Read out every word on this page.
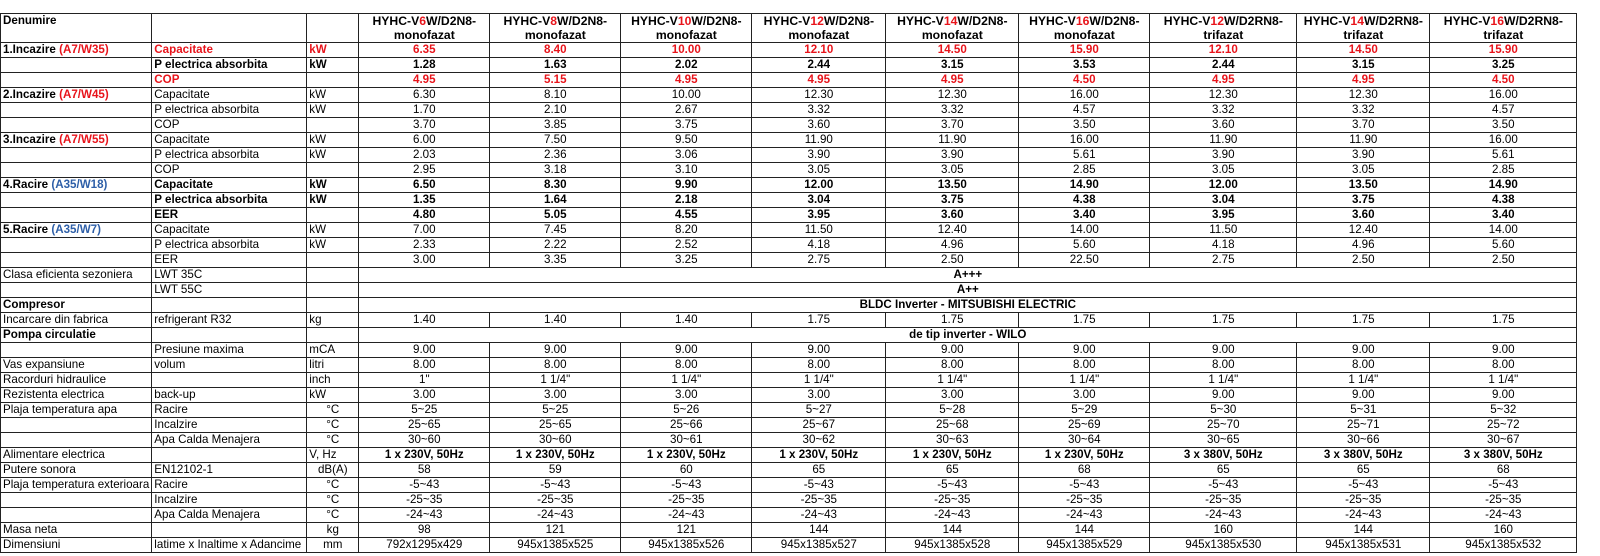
Denumire			HYHC-V6W/D2N8-	HYHC-V8W/D2N8-	HYHC-V10W/D2N8-	HYHC-V12W/D2N8-	HYHC-V14W/D2N8-	HYHC-V16W/D2N8-	HYHC-V12W/D2RN8-	HYHC-V14W/D2RN8-	HYHC-V16W/D2RN8-
			monofazat	monofazat	monofazat	monofazat	monofazat	monofazat	trifazat	trifazat	trifazat
1.Incazire (A7/W35)	Capacitate	kW	6.35	8.40	10.00	12.10	14.50	15.90	12.10	14.50	15.90
	P electrica absorbita	kW	1.28	1.63	2.02	2.44	3.15	3.53	2.44	3.15	3.25
	COP		4.95	5.15	4.95	4.95	4.95	4.50	4.95	4.95	4.50
2.Incazire (A7/W45)	Capacitate	kW	6.30	8.10	10.00	12.30	12.30	16.00	12.30	12.30	16.00
	P electrica absorbita	kW	1.70	2.10	2.67	3.32	3.32	4.57	3.32	3.32	4.57
	COP		3.70	3.85	3.75	3.60	3.70	3.50	3.60	3.70	3.50
3.Incazire (A7/W55)	Capacitate	kW	6.00	7.50	9.50	11.90	11.90	16.00	11.90	11.90	16.00
	P electrica absorbita	kW	2.03	2.36	3.06	3.90	3.90	5.61	3.90	3.90	5.61
	COP		2.95	3.18	3.10	3.05	3.05	2.85	3.05	3.05	2.85
4.Racire (A35/W18)	Capacitate	kW	6.50	8.30	9.90	12.00	13.50	14.90	12.00	13.50	14.90
	P electrica absorbita	kW	1.35	1.64	2.18	3.04	3.75	4.38	3.04	3.75	4.38
	EER		4.80	5.05	4.55	3.95	3.60	3.40	3.95	3.60	3.40
5.Racire (A35/W7)	Capacitate	kW	7.00	7.45	8.20	11.50	12.40	14.00	11.50	12.40	14.00
	P electrica absorbita	kW	2.33	2.22	2.52	4.18	4.96	5.60	4.18	4.96	5.60
	EER		3.00	3.35	3.25	2.75	2.50	22.50	2.75	2.50	2.50
Clasa eficienta sezoniera	LWT 35C		A+++								
	LWT 55C		A++								
Compresor			BLDC Inverter - MITSUBISHI ELECTRIC								
Incarcare din fabrica	refrigerant R32	kg	1.40	1.40	1.40	1.75	1.75	1.75	1.75	1.75	1.75
Pompa circulatie			de tip inverter - WILO								
	Presiune maxima	mCA	9.00	9.00	9.00	9.00	9.00	9.00	9.00	9.00	9.00
Vas expansiune	volum	litri	8.00	8.00	8.00	8.00	8.00	8.00	8.00	8.00	8.00
Racorduri hidraulice		inch	1"	1 1/4"	1 1/4"	1 1/4"	1 1/4"	1 1/4"	1 1/4"	1 1/4"	1 1/4"
Rezistenta electrica	back-up	kW	3.00	3.00	3.00	3.00	3.00	3.00	9.00	9.00	9.00
Plaja temperatura apa	Racire	°C	5~25	5~25	5~26	5~27	5~28	5~29	5~30	5~31	5~32
	Incalzire	°C	25~65	25~65	25~66	25~67	25~68	25~69	25~70	25~71	25~72
	Apa Calda Menajera	°C	30~60	30~60	30~61	30~62	30~63	30~64	30~65	30~66	30~67
Alimentare electrica		V, Hz	1 x 230V, 50Hz	1 x 230V, 50Hz	1 x 230V, 50Hz	1 x 230V, 50Hz	1 x 230V, 50Hz	1 x 230V, 50Hz	3 x 380V, 50Hz	3 x 380V, 50Hz	3 x 380V, 50Hz
Putere sonora	EN12102-1	dB(A)	58	59	60	65	65	68	65	65	68
Plaja temperatura exterioara	Racire	°C	-5~43	-5~43	-5~43	-5~43	-5~43	-5~43	-5~43	-5~43	-5~43
	Incalzire	°C	-25~35	-25~35	-25~35	-25~35	-25~35	-25~35	-25~35	-25~35	-25~35
	Apa Calda Menajera	°C	-24~43	-24~43	-24~43	-24~43	-24~43	-24~43	-24~43	-24~43	-24~43
Masa neta		kg	98	121	121	144	144	144	160	144	160
Dimensiuni	latime x Inaltime x Adancime	mm	792x1295x429	945x1385x525	945x1385x526	945x1385x527	945x1385x528	945x1385x529	945x1385x530	945x1385x531	945x1385x532
